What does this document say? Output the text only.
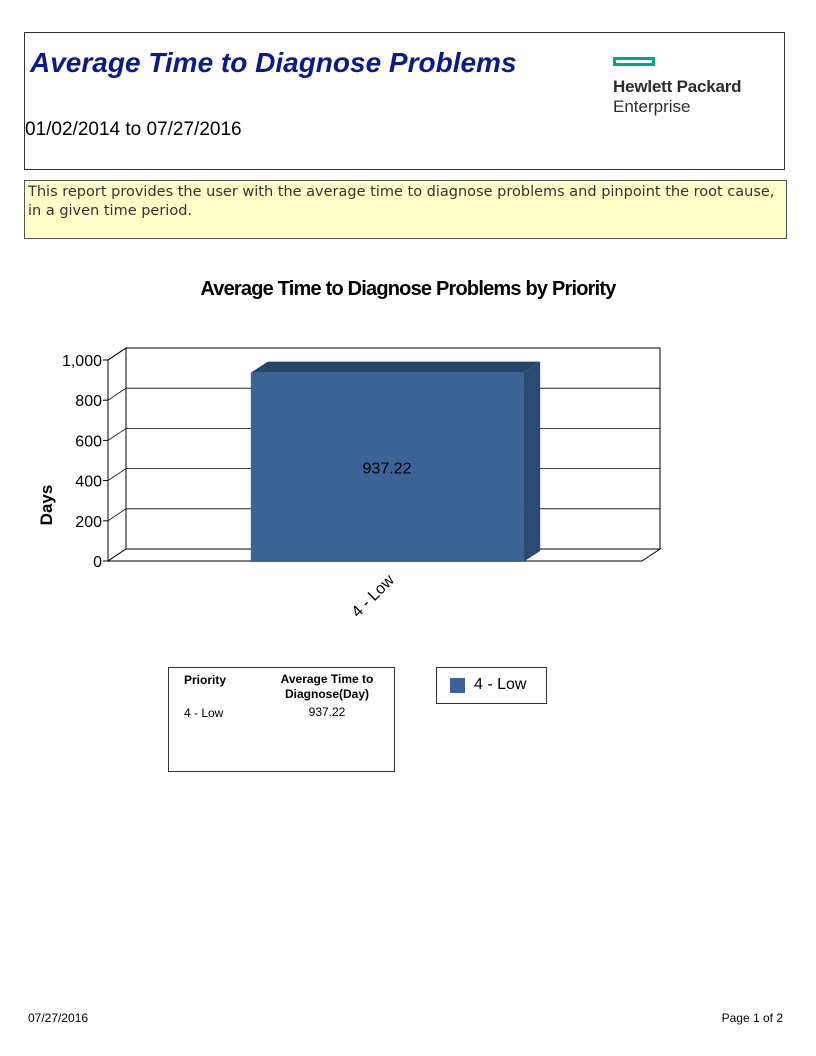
Average Time to Diagnose Problems
01/02/2014 to 07/27/2016
Hewlett Packard
Enterprise
This report provides the user with the average time to diagnose problems and pinpoint the root cause, in a given time period.
Average Time to Diagnose Problems by Priority
0
200
400
600
800
1,000
Days
937.22
4 - Low
Priority	Average Time to Diagnose(Day)
4 - Low	937.22
4 - Low
07/27/2016	Page 1 of 2
